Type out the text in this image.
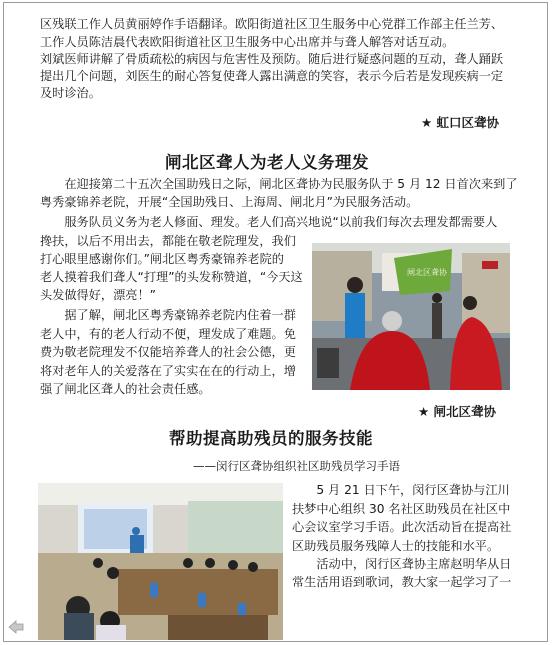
区残联工作人员黄丽婷作手语翻译。欧阳街道社区卫生服务中心党群工作部主任兰芳、
工作人员陈洁晨代表欧阳街道社区卫生服务中心出席并与聋人解答对话互动。
刘斌医师讲解了骨质疏松的病因与危害性及预防。随后进行疑惑问题的互动，聋人踊跃
提出几个问题，刘医生的耐心答复使聋人露出满意的笑容，表示今后若是发现疾病一定
及时诊治。
★ 虹口区聋协
闸北区聋人为老人义务理发
　　在迎接第二十五次全国助残日之际，闸北区聋协为民服务队于 5 月 12 日首次来到了
粤秀豪锦养老院，开展“全国助残日、上海周、闸北月”为民服务活动。
　　服务队员义务为老人修面、理发。老人们高兴地说“以前我们每次去理发都需要人
搀扶，以后不用出去，都能在敬老院理发，我们
打心眼里感谢你们。”闸北区粤秀豪锦养老院的
老人摸着我们聋人“打理”的头发称赞道，“今天这
头发做得好，漂亮！”
　　据了解，闸北区粤秀豪锦养老院内住着一群
老人中，有的老人行动不便，理发成了难题。免
费为敬老院理发不仅能培养聋人的社会公德，更
将对老年人的关爱落在了实实在在的行动上，增
强了闸北区聋人的社会责任感。
闸北区聋协
★ 闸北区聋协
帮助提高助残员的服务技能
——闵行区聋协组织社区助残员学习手语
　　5 月 21 日下午，闵行区聋协与江川
扶梦中心组织 30 名社区助残员在社区中
心会议室学习手语。此次活动旨在提高社
区助残员服务残障人士的技能和水平。
　　活动中，闵行区聋协主席赵明华从日
常生活用语到歌词，教大家一起学习了一
